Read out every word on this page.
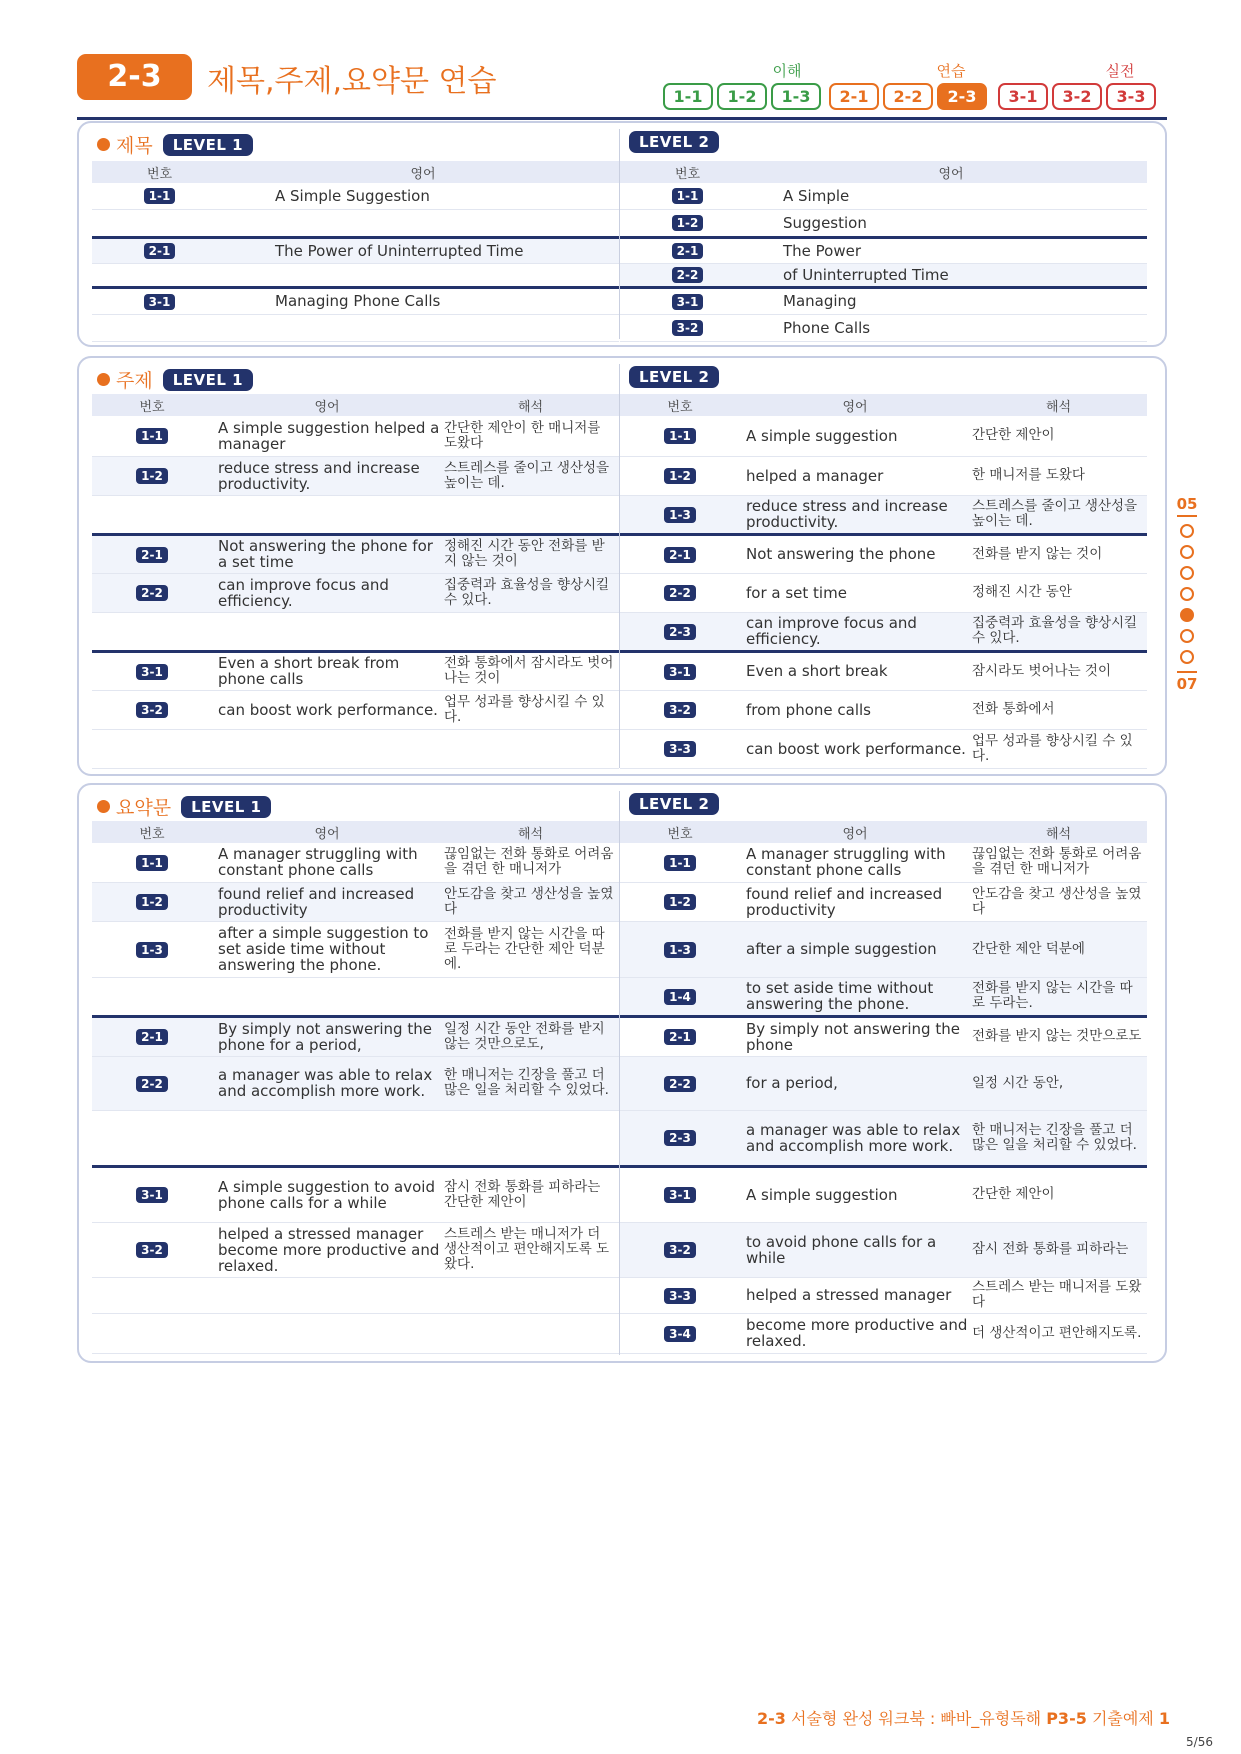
2-3	제목,주제,요약문 연습	이해	연습	실전
1-1	1-2	1-3	2-1	2-2	2-3	3-1	3-2	3-3
제목 LEVEL 1	LEVEL 2
번호	영어
1-1	A Simple Suggestion

2-1	The Power of Uninterrupted Time

3-1	Managing Phone Calls

번호	영어
1-1	A Simple
1-2	Suggestion
2-1	The Power
2-2	of Uninterrupted Time
3-1	Managing
3-2	Phone Calls
주제 LEVEL 1	LEVEL 2
번호	영어	해석
1-1	A simple suggestion helped a manager	간단한 제안이 한 매니저를 도왔다
1-2	reduce stress and increase productivity.	스트레스를 줄이고 생산성을 높이는 데.

2-1	Not answering the phone for a set time	정해진 시간 동안 전화를 받지 않는 것이
2-2	can improve focus and efficiency.	집중력과 효율성을 향상시킬 수 있다.

3-1	Even a short break from phone calls	전화 통화에서 잠시라도 벗어나는 것이
3-2	can boost work performance.	업무 성과를 향상시킬 수 있다.

번호	영어	해석
1-1	A simple suggestion	간단한 제안이
1-2	helped a manager	한 매니저를 도왔다
1-3	reduce stress and increase productivity.	스트레스를 줄이고 생산성을 높이는 데.
2-1	Not answering the phone	전화를 받지 않는 것이
2-2	for a set time	정해진 시간 동안
2-3	can improve focus and efficiency.	집중력과 효율성을 향상시킬 수 있다.
3-1	Even a short break	잠시라도 벗어나는 것이
3-2	from phone calls	전화 통화에서
3-3	can boost work performance.	업무 성과를 향상시킬 수 있다.
요약문 LEVEL 1	LEVEL 2
번호	영어	해석
1-1	A manager struggling with constant phone calls	끊임없는 전화 통화로 어려움을 겪던 한 매니저가
1-2	found relief and increased productivity	안도감을 찾고 생산성을 높였다
1-3	after a simple suggestion to set aside time without answering the phone.	전화를 받지 않는 시간을 따로 두라는 간단한 제안 덕분에.

2-1	By simply not answering the phone for a period,	일정 시간 동안 전화를 받지 않는 것만으로도,
2-2	a manager was able to relax and accomplish more work.	한 매니저는 긴장을 풀고 더 많은 일을 처리할 수 있었다.

3-1	A simple suggestion to avoid phone calls for a while	잠시 전화 통화를 피하라는 간단한 제안이
3-2	helped a stressed manager become more productive and relaxed.	스트레스 받는 매니저가 더 생산적이고 편안해지도록 도왔다.

번호	영어	해석
1-1	A manager struggling with constant phone calls	끊임없는 전화 통화로 어려움을 겪던 한 매니저가
1-2	found relief and increased productivity	안도감을 찾고 생산성을 높였다
1-3	after a simple suggestion	간단한 제안 덕분에
1-4	to set aside time without answering the phone.	전화를 받지 않는 시간을 따로 두라는.
2-1	By simply not answering the phone	전화를 받지 않는 것만으로도
2-2	for a period,	일정 시간 동안,
2-3	a manager was able to relax and accomplish more work.	한 매니저는 긴장을 풀고 더 많은 일을 처리할 수 있었다.
3-1	A simple suggestion	간단한 제안이
3-2	to avoid phone calls for a while	잠시 전화 통화를 피하라는
3-3	helped a stressed manager	스트레스 받는 매니저를 도왔다
3-4	become more productive and relaxed.	더 생산적이고 편안해지도록.
05
07
2-3 서술형 완성 워크북 : 빠바_유형독해 P3-5 기출예제 1
5/56
